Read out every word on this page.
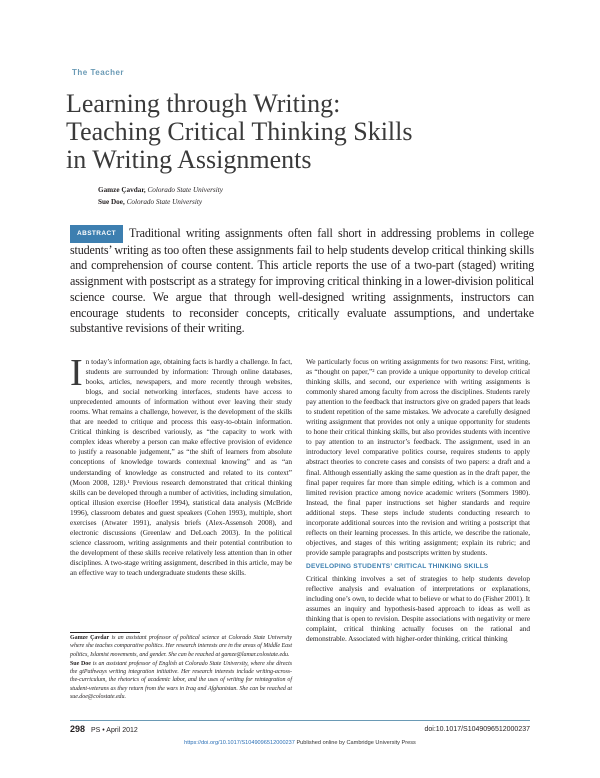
The Teacher
Learning through Writing:
Teaching Critical Thinking Skills
in Writing Assignments
Gamze Çavdar, Colorado State University
Sue Doe, Colorado State University
ABSTRACT Traditional writing assignments often fall short in addressing problems in college students’ writing as too often these assignments fail to help students develop critical thinking skills and comprehension of course content. This article reports the use of a two-part (staged) writing assignment with postscript as a strategy for improving critical thinking in a lower-division political science course. We argue that through well-designed writing assignments, instructors can encourage students to reconsider concepts, critically evaluate assumptions, and undertake substantive revisions of their writing.

In today’s information age, obtaining facts is hardly a challenge. In fact, students are surrounded by information: Through online databases, books, articles, newspapers, and more recently through websites, blogs, and social networking interfaces, students have access to unprecedented amounts of information without ever leaving their study rooms. What remains a challenge, however, is the development of the skills that are needed to critique and process this easy-to-obtain information. Critical thinking is described variously, as “the capacity to work with complex ideas whereby a person can make effective provision of evidence to justify a reasonable judgement,” as “the shift of learners from absolute conceptions of knowledge towards contextual knowing” and as “an understanding of knowledge as constructed and related to its context” (Moon 2008, 128).¹ Previous research demonstrated that critical thinking skills can be developed through a number of activities, including simulation, optical illusion exercise (Hoefler 1994), statistical data analysis (McBride 1996), classroom debates and guest speakers (Cohen 1993), multiple, short exercises (Atwater 1991), analysis briefs (Alex-Assensoh 2008), and electronic discussions (Greenlaw and DeLoach 2003). In the political science classroom, writing assignments and their potential contribution to the development of these skills receive relatively less attention than in other disciplines. A two-stage writing assignment, described in this article, may be an effective way to teach undergraduate students these skills.

Gamze Çavdar is an assistant professor of political science at Colorado State University where she teaches comparative politics. Her research interests are in the areas of Middle East politics, Islamist movements, and gender. She can be reached at gamze@lamar.colostate.edu.

Sue Doe is an assistant professor of English at Colorado State University, where she directs the gtPathways writing integration initiative. Her research interests include writing-across-the-curriculum, the rhetorics of academic labor, and the uses of writing for reintegration of student-veterans as they return from the wars in Iraq and Afghanistan. She can be reached at sue.doe@colostate.edu.

We particularly focus on writing assignments for two reasons: First, writing, as “thought on paper,”² can provide a unique opportunity to develop critical thinking skills, and second, our experience with writing assignments is commonly shared among faculty from across the disciplines. Students rarely pay attention to the feedback that instructors give on graded papers that leads to student repetition of the same mistakes. We advocate a carefully designed writing assignment that provides not only a unique opportunity for students to hone their critical thinking skills, but also provides students with incentive to pay attention to an instructor’s feedback. The assignment, used in an introductory level comparative politics course, requires students to apply abstract theories to concrete cases and consists of two papers: a draft and a final. Although essentially asking the same question as in the draft paper, the final paper requires far more than simple editing, which is a common and limited revision practice among novice academic writers (Sommers 1980). Instead, the final paper instructions set higher standards and require additional steps. These steps include students conducting research to incorporate additional sources into the revision and writing a postscript that reflects on their learning processes. In this article, we describe the rationale, objectives, and stages of this writing assignment; explain its rubric; and provide sample paragraphs and postscripts written by students.

DEVELOPING STUDENTS’ CRITICAL THINKING SKILLS

Critical thinking involves a set of strategies to help students develop reflective analysis and evaluation of interpretations or explanations, including one’s own, to decide what to believe or what to do (Fisher 2001). It assumes an inquiry and hypothesis-based approach to ideas as well as thinking that is open to revision. Despite associations with negativity or mere complaint, critical thinking actually focuses on the rational and demonstrable. Associated with higher-order thinking, critical thinking

298 PS • April 2012	doi:10.1017/S1049096512000237
https://doi.org/10.1017/S1049096512000237 Published online by Cambridge University Press
